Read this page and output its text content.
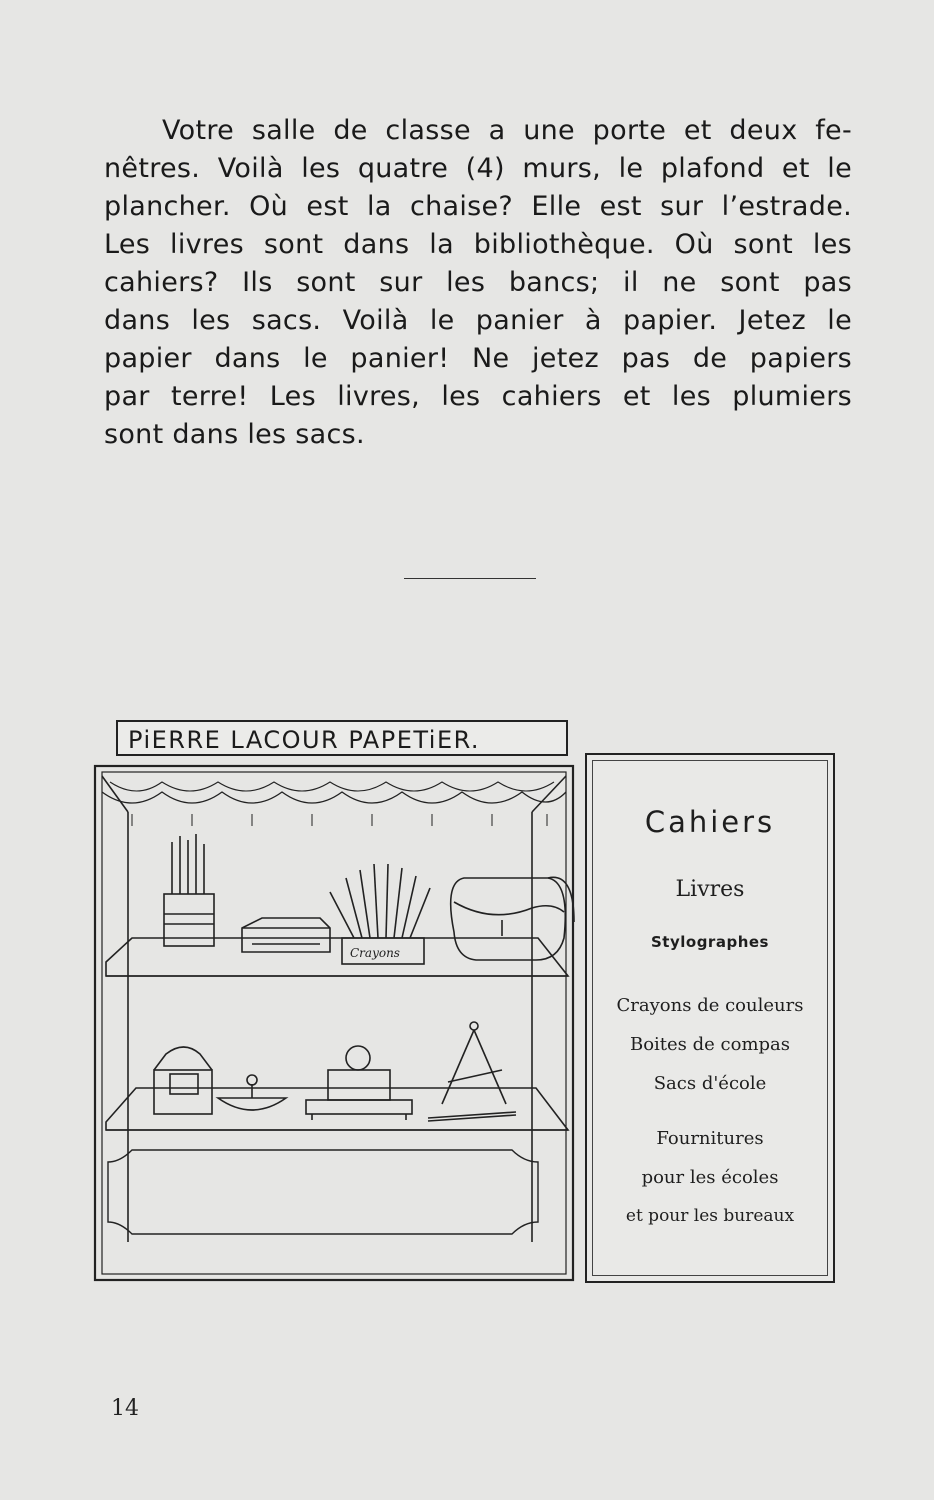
Votre salle de classe a une porte et deux fe-
nêtres. Voilà les quatre (4) murs, le plafond et le
plancher. Où est la chaise? Elle est sur l’estrade.
Les livres sont dans la bibliothèque. Où sont les
cahiers? Ils sont sur les bancs; il ne sont pas
dans les sacs. Voilà le panier à papier. Jetez le
papier dans le panier! Ne jetez pas de papiers
par terre! Les livres, les cahiers et les plumiers
sont dans les sacs.
Crayons
PiERRE LACOUR PAPETiER.
Cahiers
Livres
Stylographes
Crayons de couleurs
Boites de compas
Sacs d'école
Fournitures
pour les écoles
et pour les bureaux
14
